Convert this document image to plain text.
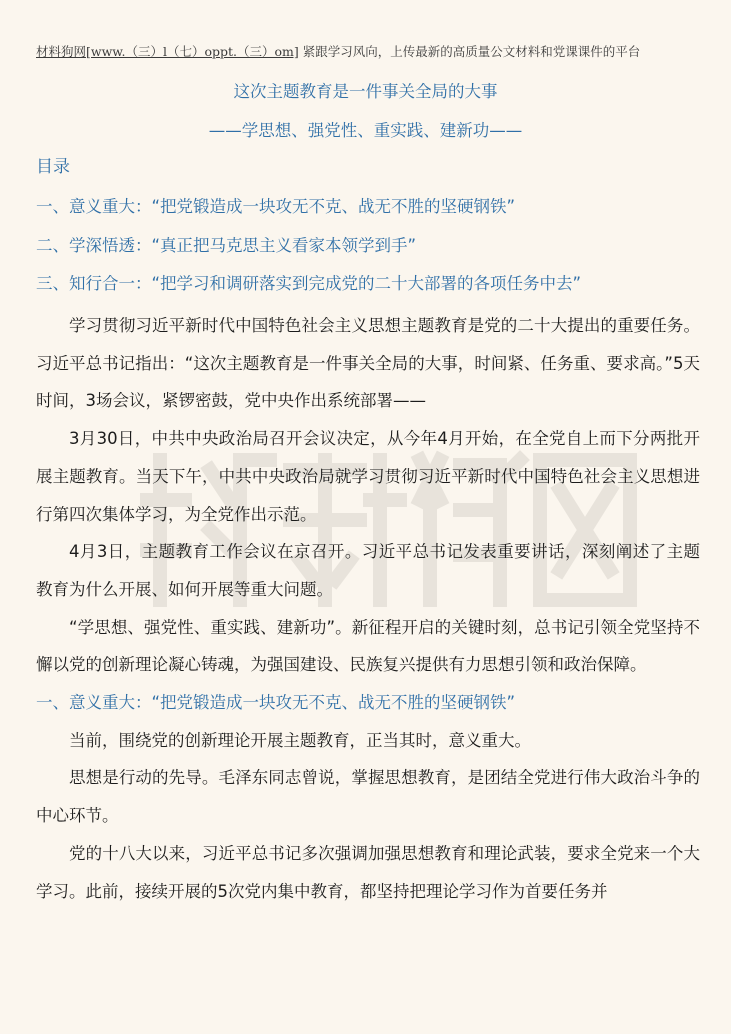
材料狗网[www.（三）l（七）oppt.（三）om] 紧跟学习风向，上传最新的高质量公文材料和党课课件的平台
这次主题教育是一件事关全局的大事
——学思想、强党性、重实践、建新功——
目录
一、意义重大：“把党锻造成一块攻无不克、战无不胜的坚硬钢铁”
二、学深悟透：“真正把马克思主义看家本领学到手”
三、知行合一：“把学习和调研落实到完成党的二十大部署的各项任务中去”

学习贯彻习近平新时代中国特色社会主义思想主题教育是党的二十大提出的重要任务。习近平总书记指出：“这次主题教育是一件事关全局的大事，时间紧、任务重、要求高。”5天时间，3场会议，紧锣密鼓，党中央作出系统部署——

3月30日，中共中央政治局召开会议决定，从今年4月开始，在全党自上而下分两批开展主题教育。当天下午，中共中央政治局就学习贯彻习近平新时代中国特色社会主义思想进行第四次集体学习，为全党作出示范。

4月3日，主题教育工作会议在京召开。习近平总书记发表重要讲话，深刻阐述了主题教育为什么开展、如何开展等重大问题。

“学思想、强党性、重实践、建新功”。新征程开启的关键时刻，总书记引领全党坚持不懈以党的创新理论凝心铸魂，为强国建设、民族复兴提供有力思想引领和政治保障。

一、意义重大：“把党锻造成一块攻无不克、战无不胜的坚硬钢铁”

当前，围绕党的创新理论开展主题教育，正当其时，意义重大。

思想是行动的先导。毛泽东同志曾说，掌握思想教育，是团结全党进行伟大政治斗争的中心环节。

党的十八大以来，习近平总书记多次强调加强思想教育和理论武装，要求全党来一个大学习。此前，接续开展的5次党内集中教育，都坚持把理论学习作为首要任务并
